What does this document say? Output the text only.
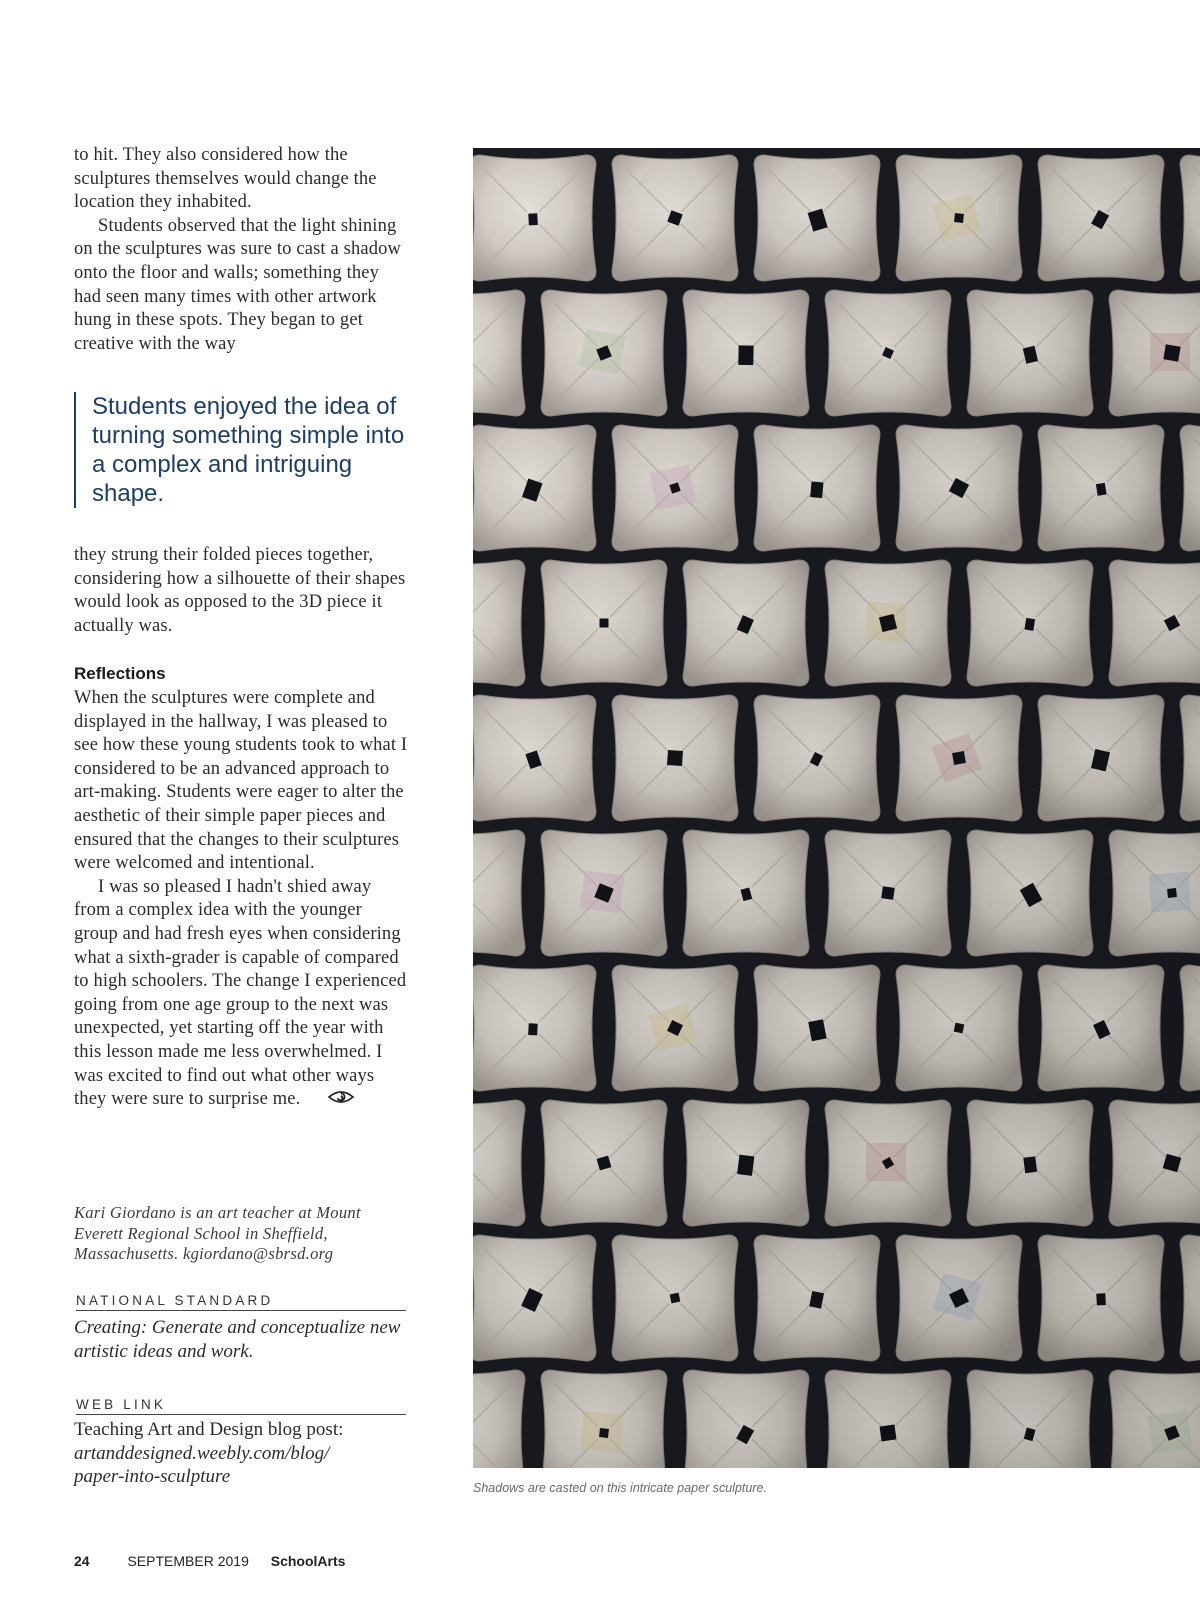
to hit. They also considered how the sculptures themselves would change the location they inhabited.

Students observed that the light shining on the sculptures was sure to cast a shadow onto the floor and walls; something they had seen many times with other artwork hung in these spots. They began to get creative with the way

Students enjoyed the idea of turning something simple into a complex and intriguing shape.

they strung their folded pieces together, considering how a silhouette of their shapes would look as opposed to the 3D piece it actually was.

Reflections

When the sculptures were complete and displayed in the hallway, I was pleased to see how these young students took to what I considered to be an advanced approach to art-making. Students were eager to alter the aesthetic of their simple paper pieces and ensured that the changes to their sculptures were welcomed and intentional.

I was so pleased I hadn't shied away from a complex idea with the younger group and had fresh eyes when considering what a sixth-grader is capable of compared to high schoolers. The change I experienced going from one age group to the next was unexpected, yet starting off the year with this lesson made me less overwhelmed. I was excited to find out what other ways they were sure to surprise me.

Kari Giordano is an art teacher at Mount Everett Regional School in Sheffield, Massachusetts. kgiordano@sbrsd.org
NATIONAL STANDARD
Creating: Generate and conceptualize new artistic ideas and work.
WEB LINK
Teaching Art and Design blog post:
artanddesigned.weebly.com/blog/
paper-into-sculpture
Shadows are casted on this intricate paper sculpture.
24	SEPTEMBER 2019 SchoolArts
